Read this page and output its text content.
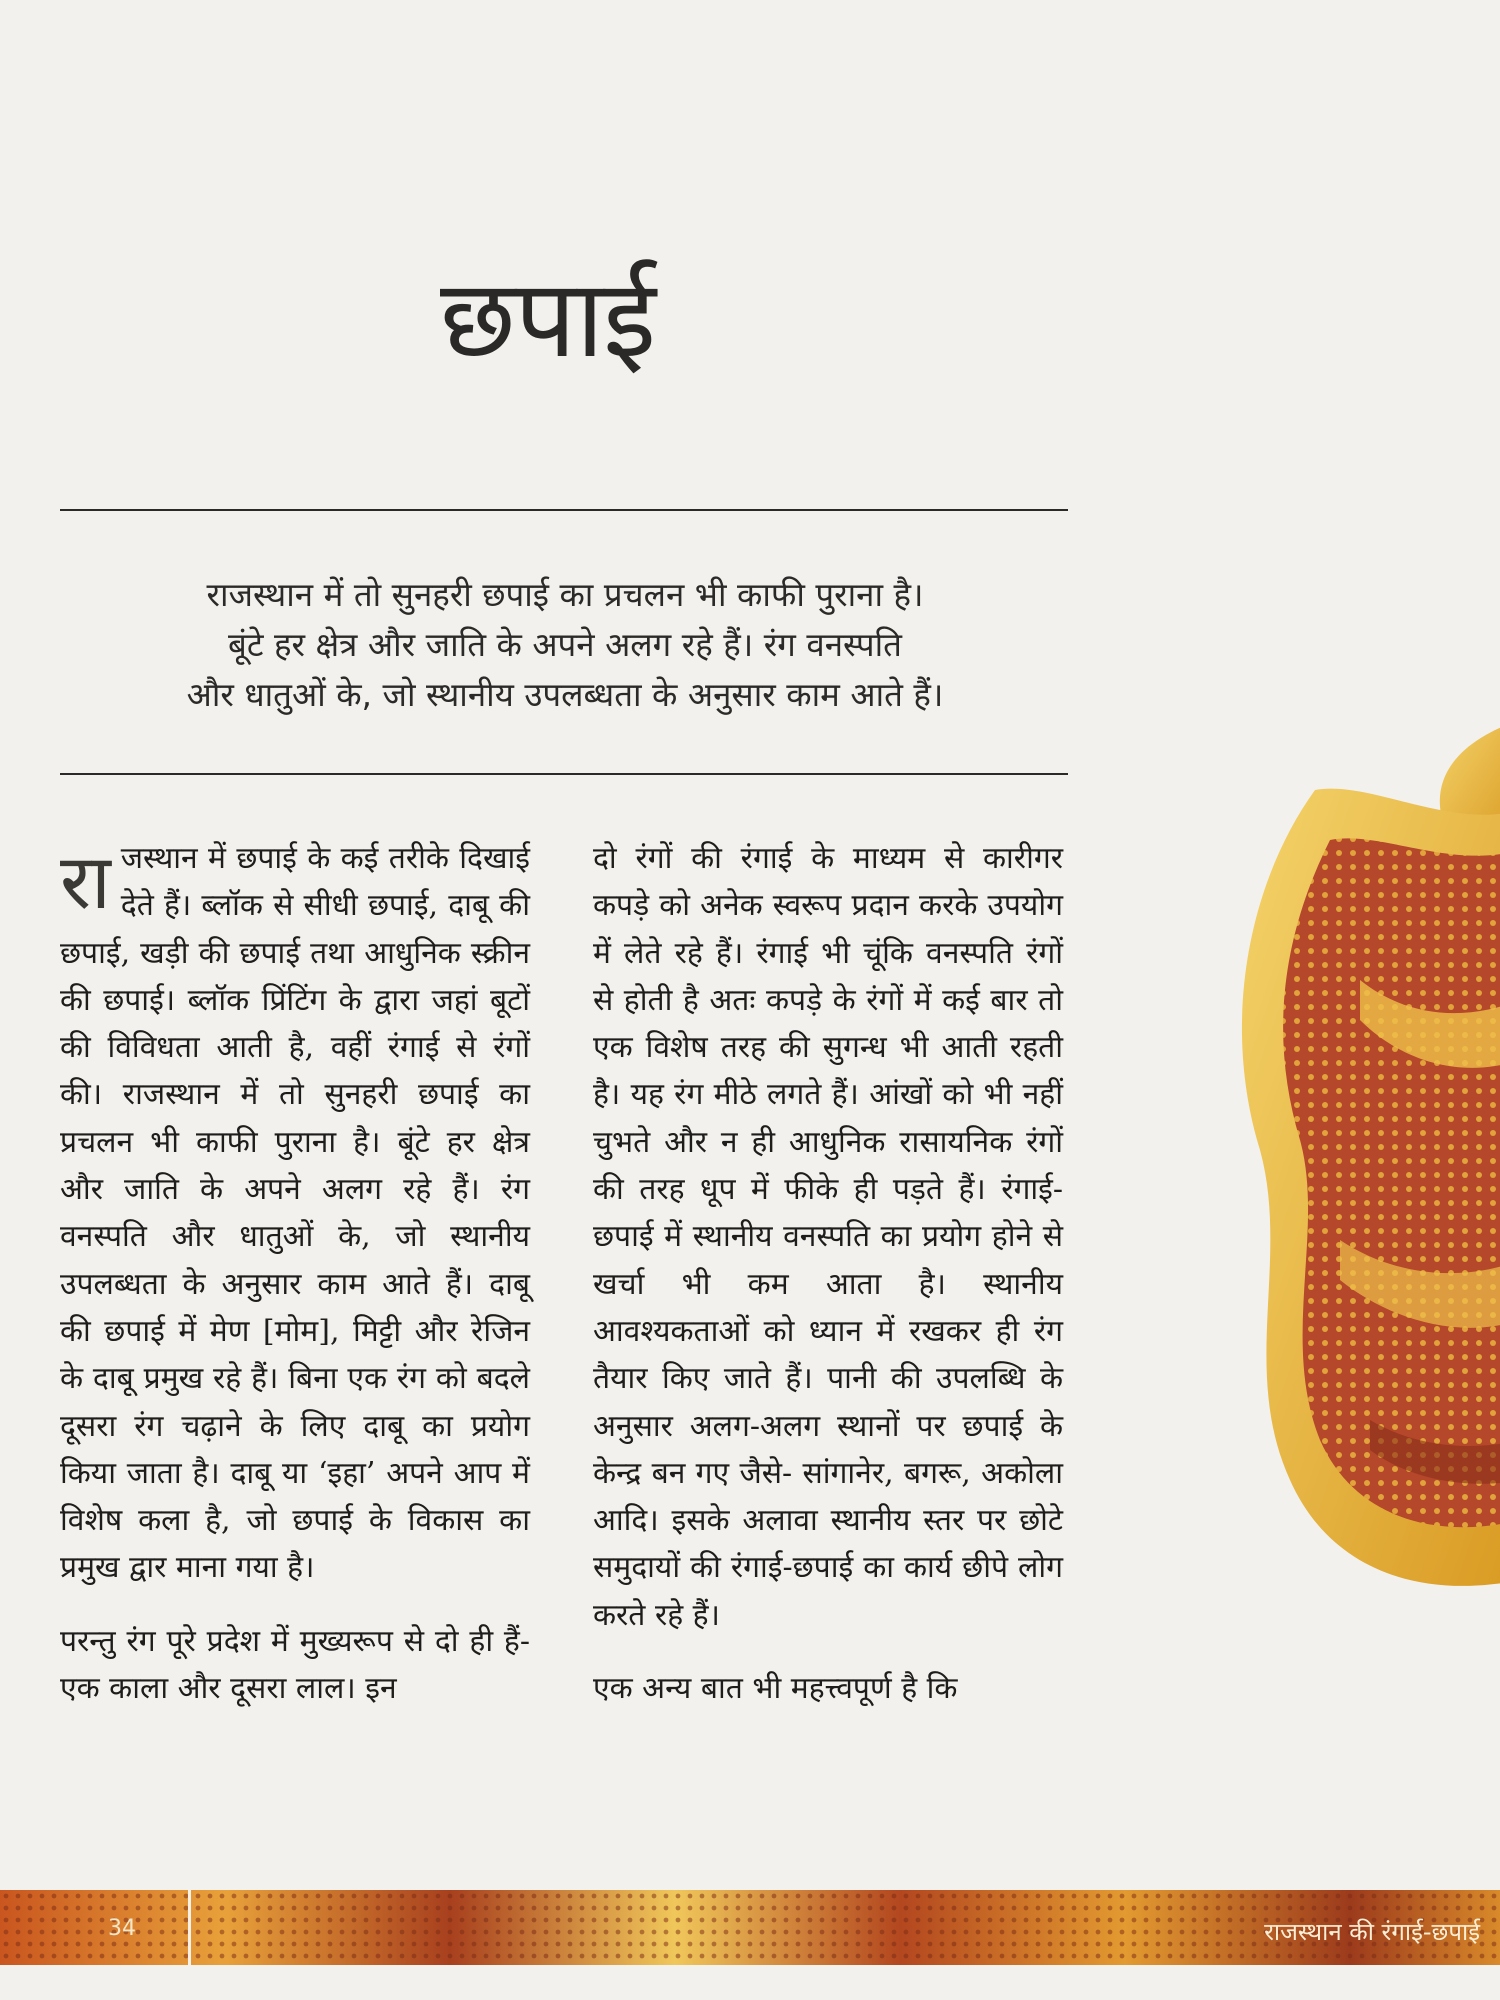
छपाई
राजस्थान में तो सुनहरी छपाई का प्रचलन भी काफी पुराना है।
बूंटे हर क्षेत्र और जाति के अपने अलग रहे हैं। रंग वनस्पति
और धातुओं के, जो स्थानीय उपलब्धता के अनुसार काम आते हैं।

राजस्थान में छपाई के कई तरीके दिखाई देते हैं। ब्लॉक से सीधी छपाई, दाबू की छपाई, खड़ी की छपाई तथा आधुनिक स्क्रीन की छपाई। ब्लॉक प्रिंटिंग के द्वारा जहां बूटों की विविधता आती है, वहीं रंगाई से रंगों की। राजस्थान में तो सुनहरी छपाई का प्रचलन भी काफी पुराना है। बूंटे हर क्षेत्र और जाति के अपने अलग रहे हैं। रंग वनस्पति और धातुओं के, जो स्थानीय उपलब्धता के अनुसार काम आते हैं। दाबू की छपाई में मेण [मोम], मिट्टी और रेजिन के दाबू प्रमुख रहे हैं। बिना एक रंग को बदले दूसरा रंग चढ़ाने के लिए दाबू का प्रयोग किया जाता है। दाबू या ‘इहा’ अपने आप में विशेष कला है, जो छपाई के विकास का प्रमुख द्वार माना गया है।

परन्तु रंग पूरे प्रदेश में मुख्यरूप से दो ही हैं- एक काला और दूसरा लाल। इन

दो रंगों की रंगाई के माध्यम से कारीगर कपड़े को अनेक स्वरूप प्रदान करके उपयोग में लेते रहे हैं। रंगाई भी चूंकि वनस्पति रंगों से होती है अतः कपड़े के रंगों में कई बार तो एक विशेष तरह की सुगन्ध भी आती रहती है। यह रंग मीठे लगते हैं। आंखों को भी नहीं चुभते और न ही आधुनिक रासायनिक रंगों की तरह धूप में फीके ही पड़ते हैं। रंगाई-छपाई में स्थानीय वनस्पति का प्रयोग होने से खर्चा भी कम आता है। स्थानीय आवश्यकताओं को ध्यान में रखकर ही रंग तैयार किए जाते हैं। पानी की उपलब्धि के अनुसार अलग-अलग स्थानों पर छपाई के केन्द्र बन गए जैसे- सांगानेर, बगरू, अकोला आदि। इसके अलावा स्थानीय स्तर पर छोटे समुदायों की रंगाई-छपाई का कार्य छीपे लोग करते रहे हैं।

एक अन्य बात भी महत्त्वपूर्ण है कि

34	राजस्थान की रंगाई-छपाई
